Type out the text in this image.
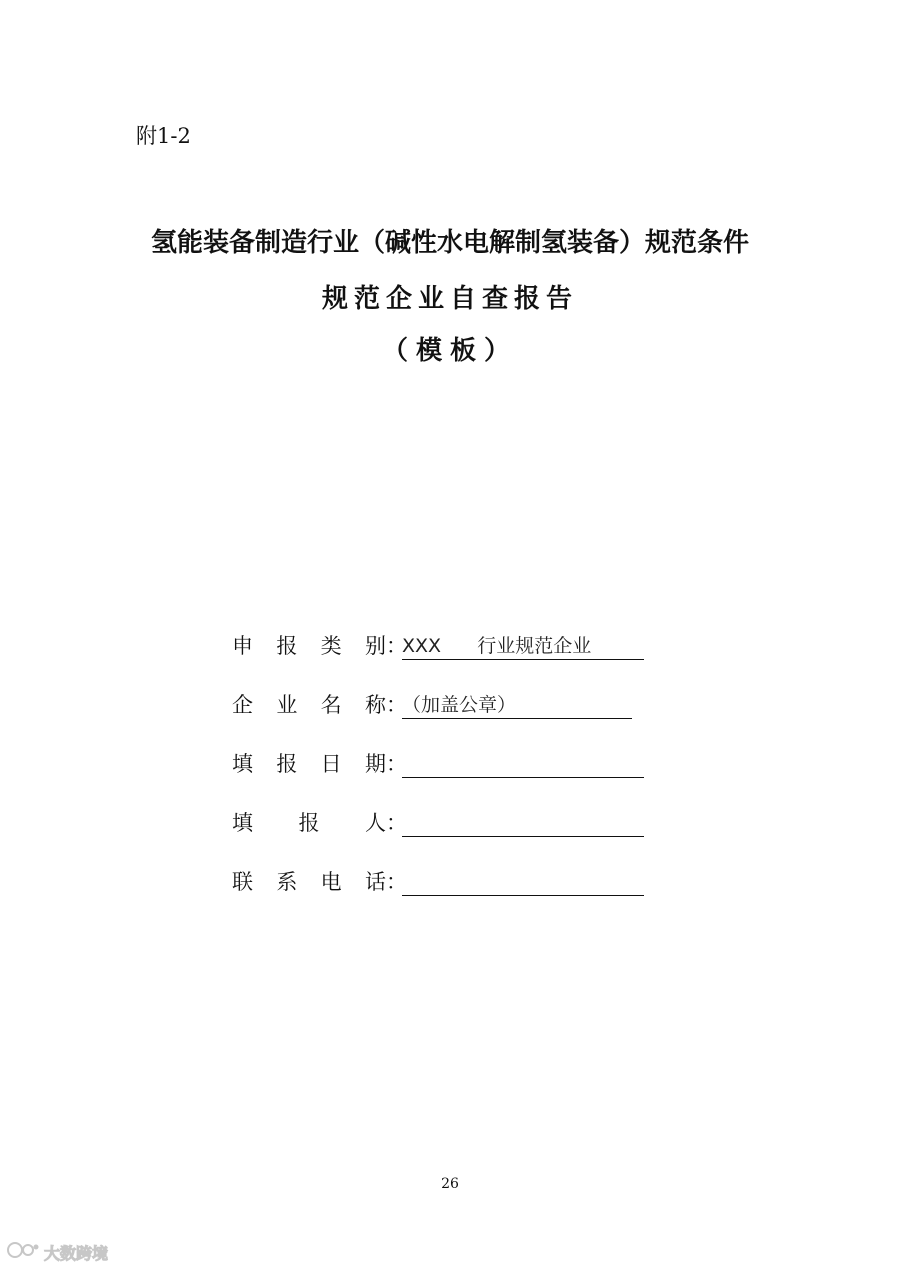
附1-2
氢能装备制造行业（碱性水电解制氢装备）规范条件
规范企业自查报告
（模板）
申 报 类 别 ：
XXX      行业规范企业
企 业 名 称 ：
（加盖公章）
填 报 日 期 ：
填 报 人 ：
联 系 电 话 ：
26
大数跨境
